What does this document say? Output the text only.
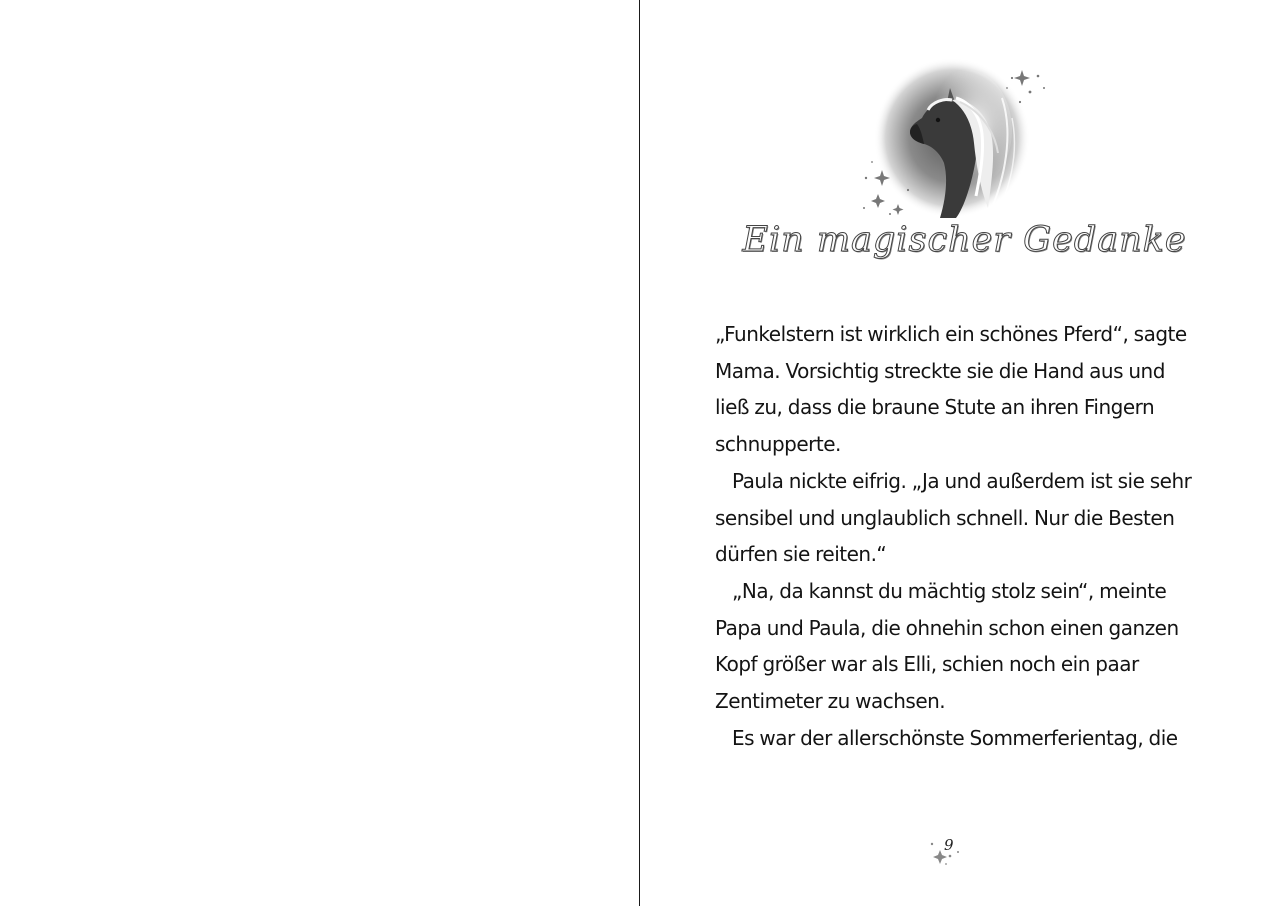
Ein magischer Gedanke

„Funkelstern ist wirklich ein schönes Pferd“, sagte Mama. Vorsichtig streckte sie die Hand aus und ließ zu, dass die braune Stute an ihren Fingern schnupperte.

Paula nickte eifrig. „Ja und außerdem ist sie sehr sensibel und unglaublich schnell. Nur die Besten dürfen sie reiten.“

„Na, da kannst du mächtig stolz sein“, meinte Papa und Paula, die ohnehin schon einen ganzen Kopf größer war als Elli, schien noch ein paar Zentimeter zu wachsen.

Es war der allerschönste Sommerferientag, die

9
